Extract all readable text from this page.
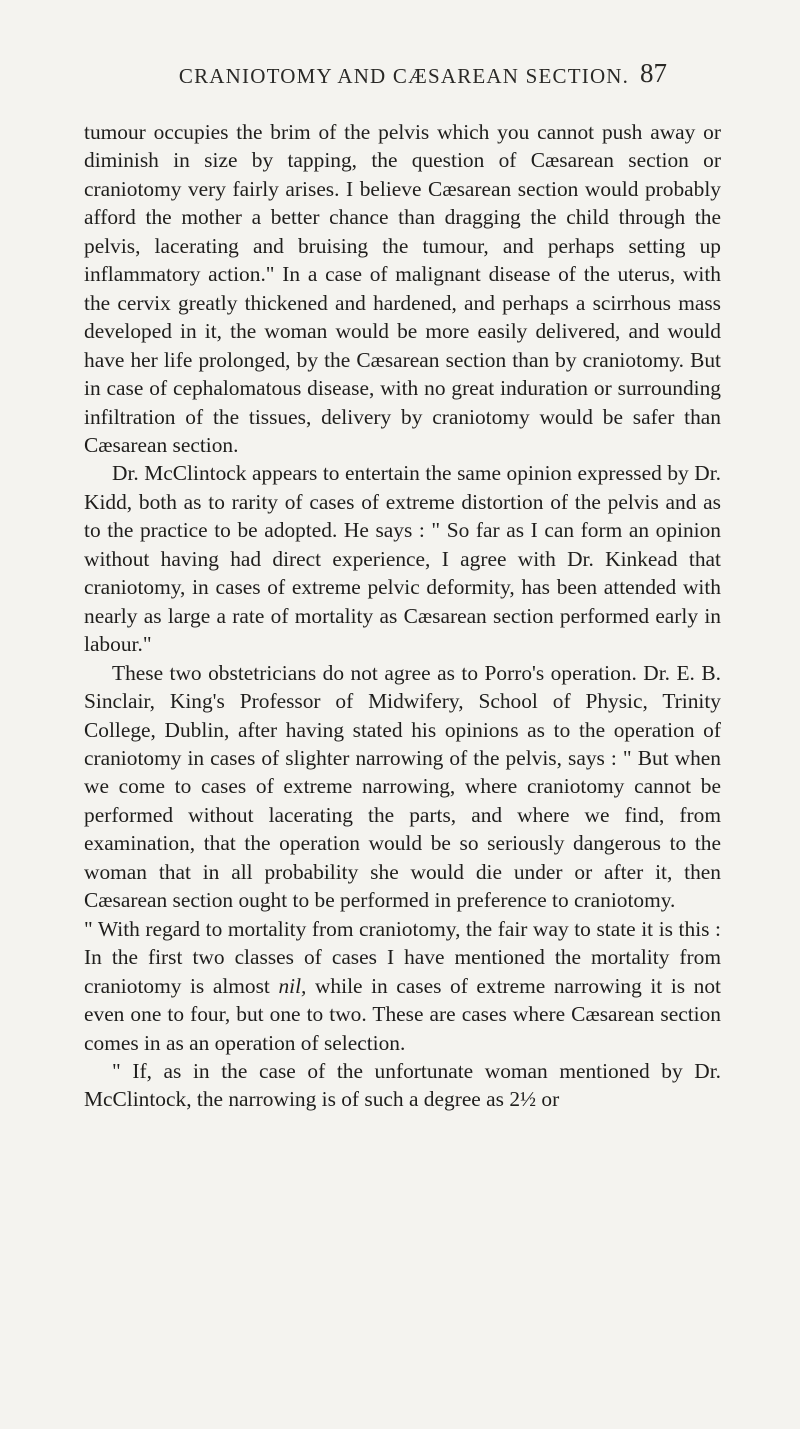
CRANIOTOMY AND CÆSAREAN SECTION. 87

tumour occupies the brim of the pelvis which you cannot push away or diminish in size by tapping, the question of Cæsarean section or craniotomy very fairly arises. I believe Cæsarean section would probably afford the mother a better chance than dragging the child through the pelvis, lacerating and bruising the tumour, and perhaps setting up inflammatory action." In a case of malignant disease of the uterus, with the cervix greatly thickened and hardened, and perhaps a scirrhous mass developed in it, the woman would be more easily delivered, and would have her life prolonged, by the Cæsarean section than by craniotomy. But in case of cephalomatous disease, with no great induration or surrounding infiltration of the tissues, delivery by craniotomy would be safer than Cæsarean section.

Dr. McClintock appears to entertain the same opinion expressed by Dr. Kidd, both as to rarity of cases of extreme distortion of the pelvis and as to the practice to be adopted. He says : " So far as I can form an opinion without having had direct experience, I agree with Dr. Kinkead that craniotomy, in cases of extreme pelvic deformity, has been attended with nearly as large a rate of mortality as Cæsarean section performed early in labour."

These two obstetricians do not agree as to Porro's operation. Dr. E. B. Sinclair, King's Professor of Midwifery, School of Physic, Trinity College, Dublin, after having stated his opinions as to the operation of craniotomy in cases of slighter narrowing of the pelvis, says : " But when we come to cases of extreme narrowing, where craniotomy cannot be performed without lacerating the parts, and where we find, from examination, that the operation would be so seriously dangerous to the woman that in all probability she would die under or after it, then Cæsarean section ought to be performed in preference to craniotomy.

" With regard to mortality from craniotomy, the fair way to state it is this : In the first two classes of cases I have mentioned the mortality from craniotomy is almost nil, while in cases of extreme narrowing it is not even one to four, but one to two. These are cases where Cæsarean section comes in as an operation of selection.

" If, as in the case of the unfortunate woman mentioned by Dr. McClintock, the narrowing is of such a degree as 2½ or
